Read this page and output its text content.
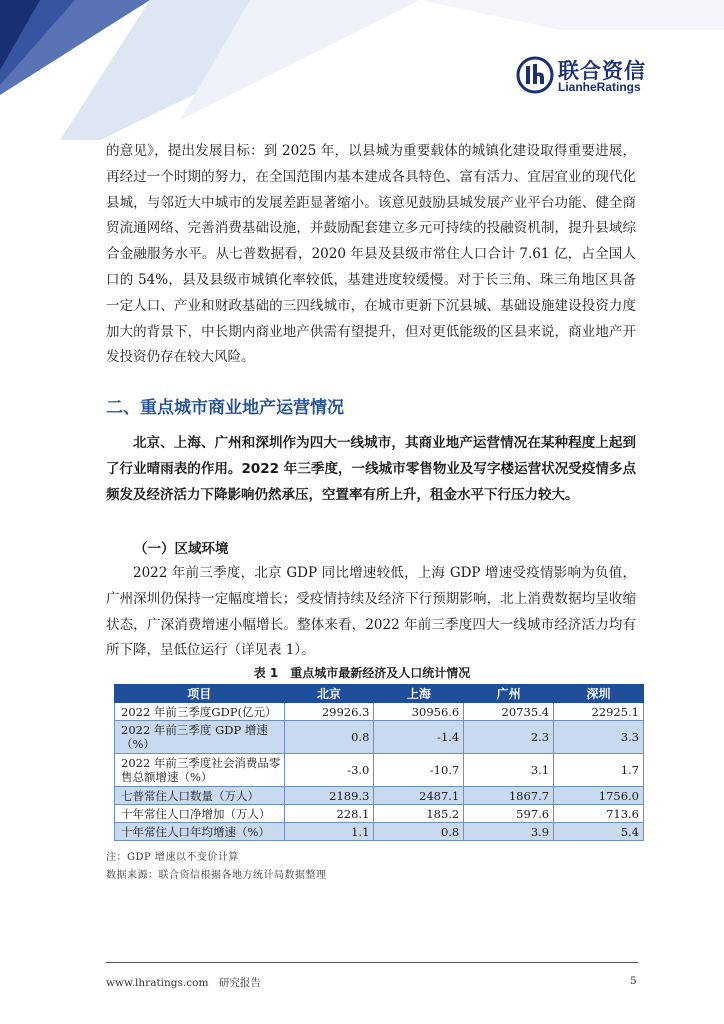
联合资信
LianheRatings

的意见》，提出发展目标：到 2025 年，以县城为重要载体的城镇化建设取得重要进展，再经过一个时期的努力，在全国范围内基本建成各具特色、富有活力、宜居宜业的现代化县城，与邻近大中城市的发展差距显著缩小。该意见鼓励县城发展产业平台功能、健全商贸流通网络、完善消费基础设施，并鼓励配套建立多元可持续的投融资机制，提升县域综合金融服务水平。从七普数据看，2020 年县及县级市常住人口合计 7.61 亿，占全国人口的 54%，县及县级市城镇化率较低，基建进度较缓慢。对于长三角、珠三角地区具备一定人口、产业和财政基础的三四线城市，在城市更新下沉县城、基础设施建设投资力度加大的背景下，中长期内商业地产供需有望提升，但对更低能级的区县来说，商业地产开发投资仍存在较大风险。

二、重点城市商业地产运营情况

北京、上海、广州和深圳作为四大一线城市，其商业地产运营情况在某种程度上起到了行业晴雨表的作用。2022 年三季度，一线城市零售物业及写字楼运营状况受疫情多点频发及经济活力下降影响仍然承压，空置率有所上升，租金水平下行压力较大。

（一）区域环境

2022 年前三季度，北京 GDP 同比增速较低，上海 GDP 增速受疫情影响为负值，广州深圳仍保持一定幅度增长；受疫情持续及经济下行预期影响，北上消费数据均呈收缩状态，广深消费增速小幅增长。整体来看，2022 年前三季度四大一线城市经济活力均有所下降，呈低位运行（详见表 1）。

表 1　重点城市最新经济及人口统计情况

项目	北京	上海	广州	深圳
2022 年前三季度GDP(亿元）	29926.3	30956.6	20735.4	22925.1
2022 年前三季度 GDP 增速（%）	0.8	-1.4	2.3	3.3
2022 年前三季度社会消费品零售总额增速（%）	-3.0	-10.7	3.1	1.7
七普常住人口数量（万人）	2189.3	2487.1	1867.7	1756.0
十年常住人口净增加（万人）	228.1	185.2	597.6	713.6
十年常住人口年均增速（%）	1.1	0.8	3.9	5.4

注：GDP 增速以不变价计算

数据来源：联合资信根据各地方统计局数据整理

www.lhratings.com　研究报告	5
